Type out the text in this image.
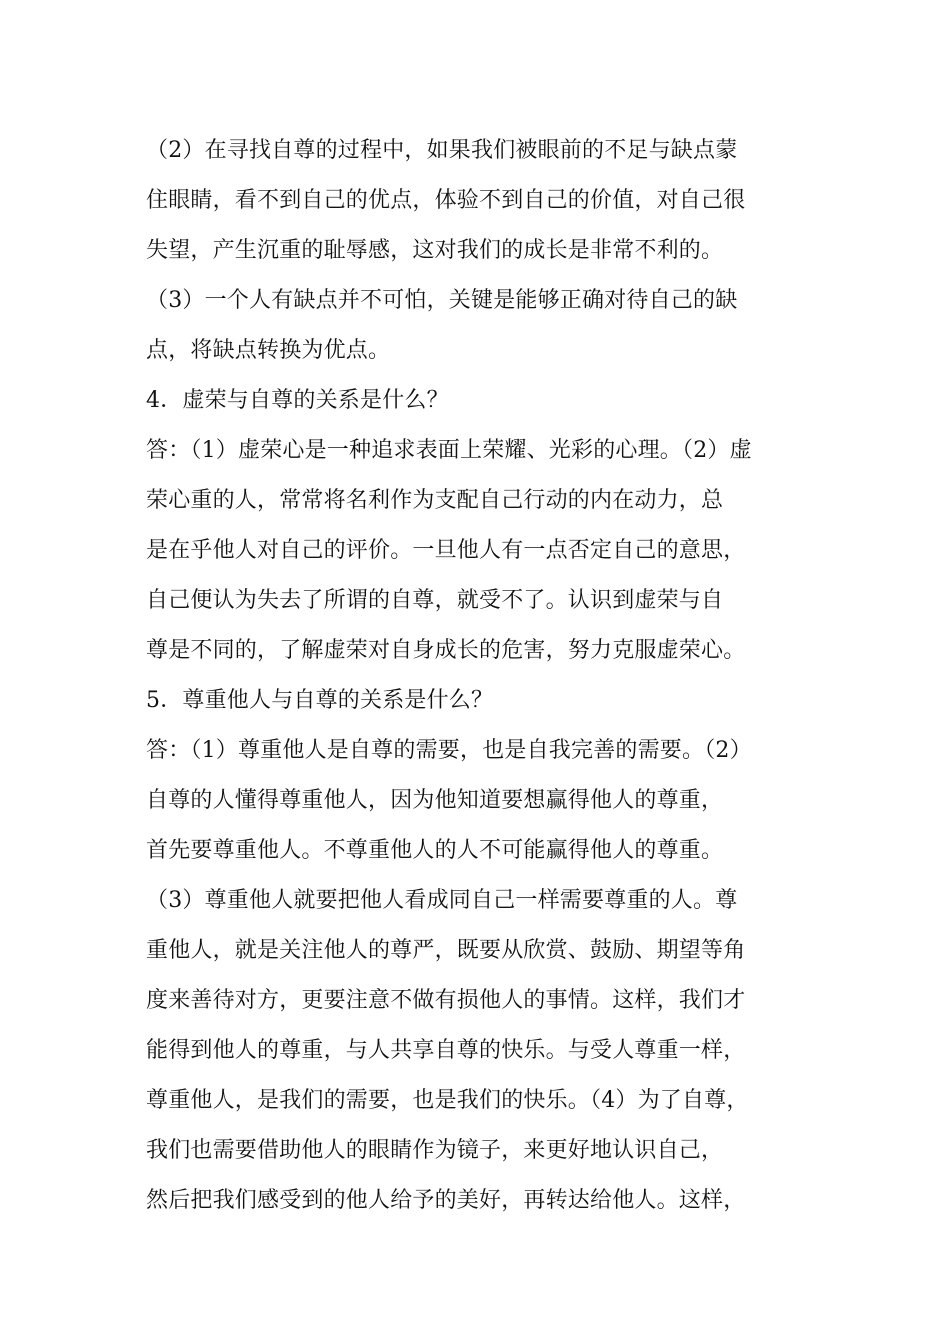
（2）在寻找自尊的过程中，如果我们被眼前的不足与缺点蒙
住眼睛，看不到自己的优点，体验不到自己的价值，对自己很
失望，产生沉重的耻辱感，这对我们的成长是非常不利的。
（3）一个人有缺点并不可怕，关键是能够正确对待自己的缺
点，将缺点转换为优点。
4．虚荣与自尊的关系是什么？
答：（1）虚荣心是一种追求表面上荣耀、光彩的心理。（2）虚
荣心重的人，常常将名利作为支配自己行动的内在动力，总
是在乎他人对自己的评价。一旦他人有一点否定自己的意思，
自己便认为失去了所谓的自尊，就受不了。认识到虚荣与自
尊是不同的，了解虚荣对自身成长的危害，努力克服虚荣心。
5．尊重他人与自尊的关系是什么？
答：（1）尊重他人是自尊的需要，也是自我完善的需要。（2）
自尊的人懂得尊重他人，因为他知道要想赢得他人的尊重，
首先要尊重他人。不尊重他人的人不可能赢得他人的尊重。
（3）尊重他人就要把他人看成同自己一样需要尊重的人。尊
重他人，就是关注他人的尊严，既要从欣赏、鼓励、期望等角
度来善待对方，更要注意不做有损他人的事情。这样，我们才
能得到他人的尊重，与人共享自尊的快乐。与受人尊重一样，
尊重他人，是我们的需要，也是我们的快乐。（4）为了自尊，
我们也需要借助他人的眼睛作为镜子，来更好地认识自己，
然后把我们感受到的他人给予的美好，再转达给他人。这样，
